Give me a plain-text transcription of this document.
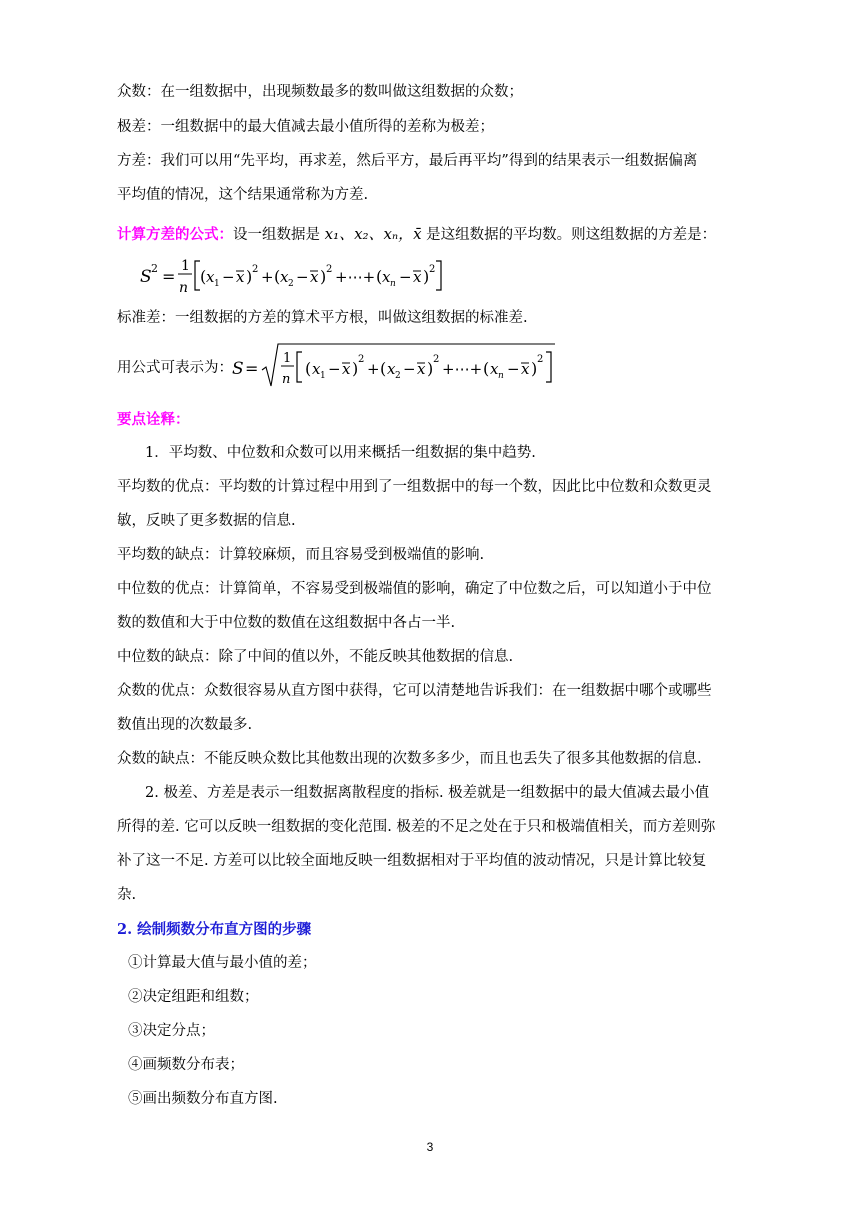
众数：在一组数据中，出现频数最多的数叫做这组数据的众数；
极差：一组数据中的最大值减去最小值所得的差称为极差；
方差：我们可以用“先平均，再求差，然后平方，最后再平均”得到的结果表示一组数据偏离
平均值的情况，这个结果通常称为方差.
计算方差的公式：设一组数据是 x₁、x₂、xₙ，x̄ 是这组数据的平均数。则这组数据的方差是：
S 2 =
1
n
( x 1 − x ) 2 + ( x 2 − x ) 2 +⋯+ ( x n − x ) 2
标准差：一组数据的方差的算术平方根，叫做这组数据的标准差.
用公式可表示为： S =
1
n
( x 1 − x ) 2
+ ( x 2 − x ) 2
+⋯+ ( x n − x ) 2
要点诠释：
1．平均数、中位数和众数可以用来概括一组数据的集中趋势.
平均数的优点：平均数的计算过程中用到了一组数据中的每一个数，因此比中位数和众数更灵
敏，反映了更多数据的信息.
平均数的缺点：计算较麻烦，而且容易受到极端值的影响.
中位数的优点：计算简单，不容易受到极端值的影响，确定了中位数之后，可以知道小于中位
数的数值和大于中位数的数值在这组数据中各占一半.
中位数的缺点：除了中间的值以外，不能反映其他数据的信息.
众数的优点：众数很容易从直方图中获得，它可以清楚地告诉我们：在一组数据中哪个或哪些
数值出现的次数最多.
众数的缺点：不能反映众数比其他数出现的次数多多少，而且也丢失了很多其他数据的信息.
2. 极差、方差是表示一组数据离散程度的指标. 极差就是一组数据中的最大值减去最小值
所得的差. 它可以反映一组数据的变化范围. 极差的不足之处在于只和极端值相关，而方差则弥
补了这一不足. 方差可以比较全面地反映一组数据相对于平均值的波动情况，只是计算比较复
杂.
2. 绘制频数分布直方图的步骤
①计算最大值与最小值的差；
②决定组距和组数；
③决定分点；
④画频数分布表；
⑤画出频数分布直方图.
3
